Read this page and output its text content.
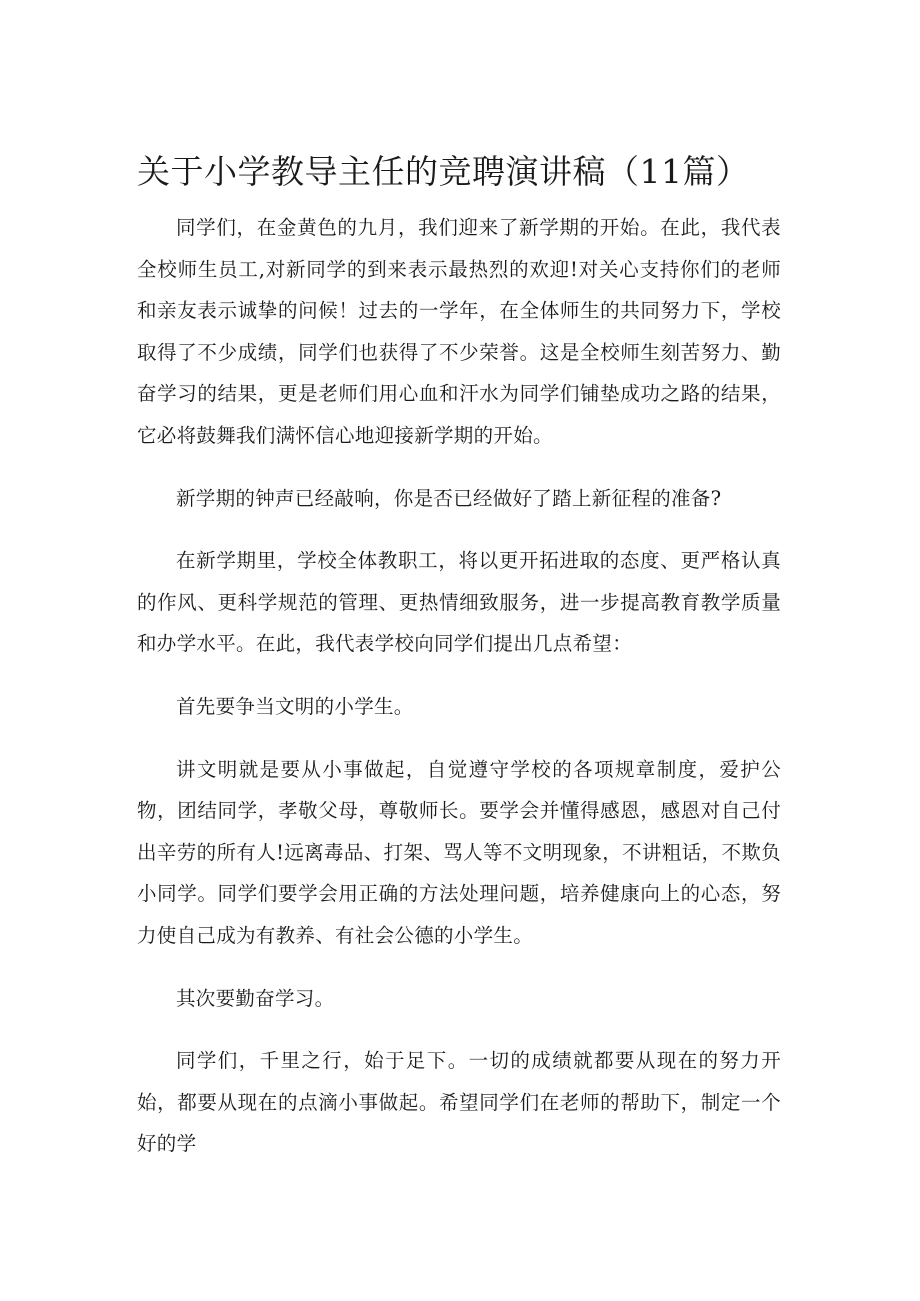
关于小学教导主任的竞聘演讲稿（11篇）

同学们，在金黄色的九月，我们迎来了新学期的开始。在此，我代表全校师生员工,对新同学的到来表示最热烈的欢迎!对关心支持你们的老师和亲友表示诚挚的问候！过去的一学年，在全体师生的共同努力下，学校取得了不少成绩，同学们也获得了不少荣誉。这是全校师生刻苦努力、勤奋学习的结果，更是老师们用心血和汗水为同学们铺垫成功之路的结果，它必将鼓舞我们满怀信心地迎接新学期的开始。

新学期的钟声已经敲响，你是否已经做好了踏上新征程的准备?

在新学期里，学校全体教职工，将以更开拓进取的态度、更严格认真的作风、更科学规范的管理、更热情细致服务，进一步提高教育教学质量和办学水平。在此，我代表学校向同学们提出几点希望：

首先要争当文明的小学生。

讲文明就是要从小事做起，自觉遵守学校的各项规章制度，爱护公物，团结同学，孝敬父母，尊敬师长。要学会并懂得感恩，感恩对自己付出辛劳的所有人!远离毒品、打架、骂人等不文明现象，不讲粗话，不欺负小同学。同学们要学会用正确的方法处理问题，培养健康向上的心态，努力使自己成为有教养、有社会公德的小学生。

其次要勤奋学习。

同学们，千里之行，始于足下。一切的成绩就都要从现在的努力开始，都要从现在的点滴小事做起。希望同学们在老师的帮助下，制定一个好的学
